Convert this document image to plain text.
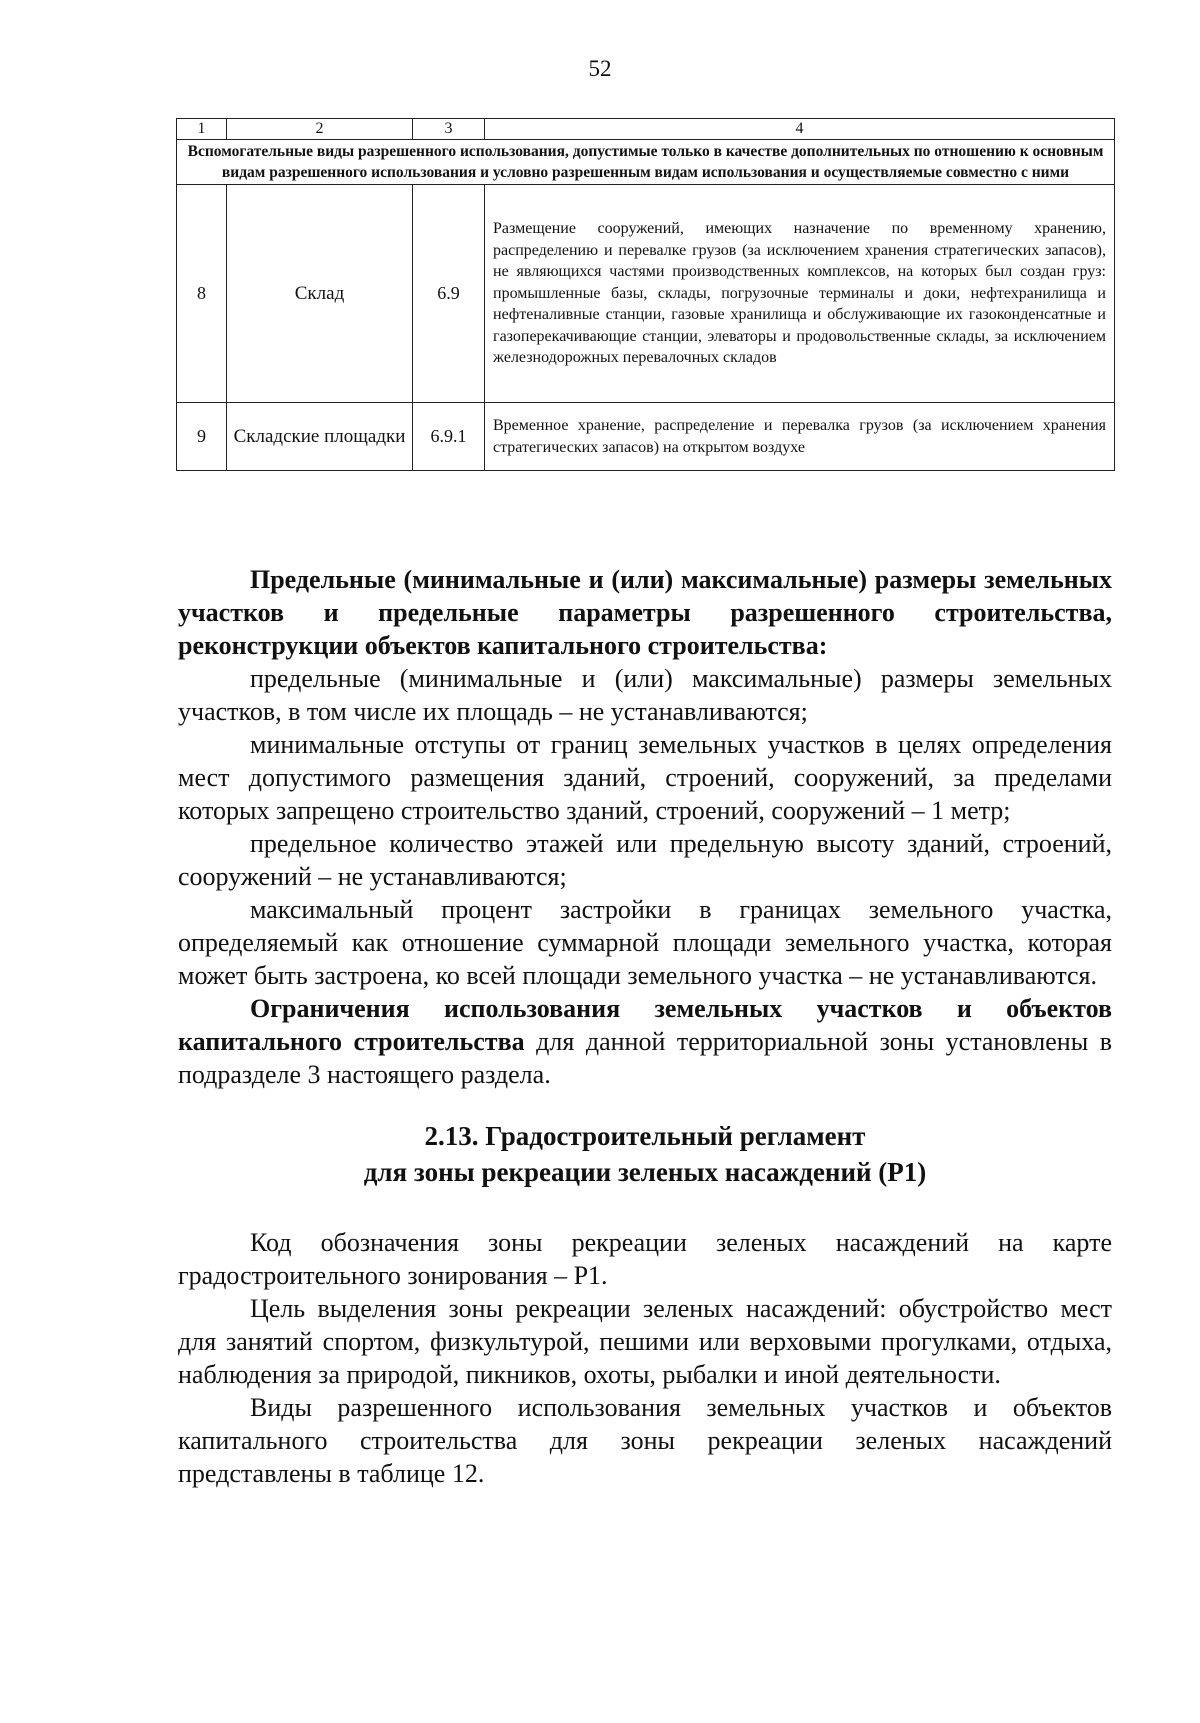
52
1	2	3	4
Вспомогательные виды разрешенного использования, допустимые только в качестве дополнительных по отношению к основным видам разрешенного использования и условно разрешенным видам использования и осуществляемые совместно с ними			
8	Склад	6.9	Размещение сооружений, имеющих назначение по временному хранению, распределению и перевалке грузов (за исключением хранения стратегических запасов), не являющихся частями производственных комплексов, на которых был создан груз: промышленные базы, склады, погрузочные терминалы и доки, нефтехранилища и нефтеналивные станции, газовые хранилища и обслуживающие их газоконденсатные и газоперекачивающие станции, элеваторы и продовольственные склады, за исключением железнодорожных перевалочных складов
9	Складские площадки	6.9.1	Временное хранение, распределение и перевалка грузов (за исключением хранения стратегических запасов) на открытом воздухе

Предельные (минимальные и (или) максимальные) размеры земельных участков и предельные параметры разрешенного строительства, реконструкции объектов капитального строительства:

предельные (минимальные и (или) максимальные) размеры земельных участков, в том числе их площадь – не устанавливаются;

минимальные отступы от границ земельных участков в целях определения мест допустимого размещения зданий, строений, сооружений, за пределами которых запрещено строительство зданий, строений, сооружений – 1 метр;

предельное количество этажей или предельную высоту зданий, строений, сооружений – не устанавливаются;

максимальный процент застройки в границах земельного участка, определяемый как отношение суммарной площади земельного участка, которая может быть застроена, ко всей площади земельного участка – не устанавливаются.

Ограничения использования земельных участков и объектов капитального строительства для данной территориальной зоны установлены в подразделе 3 настоящего раздела.

2.13. Градостроительный регламент
для зоны рекреации зеленых насаждений (Р1)

Код обозначения зоны рекреации зеленых насаждений на карте градостроительного зонирования – Р1.

Цель выделения зоны рекреации зеленых насаждений: обустройство мест для занятий спортом, физкультурой, пешими или верховыми прогулками, отдыха, наблюдения за природой, пикников, охоты, рыбалки и иной деятельности.

Виды разрешенного использования земельных участков и объектов капитального строительства для зоны рекреации зеленых насаждений представлены в таблице 12.
